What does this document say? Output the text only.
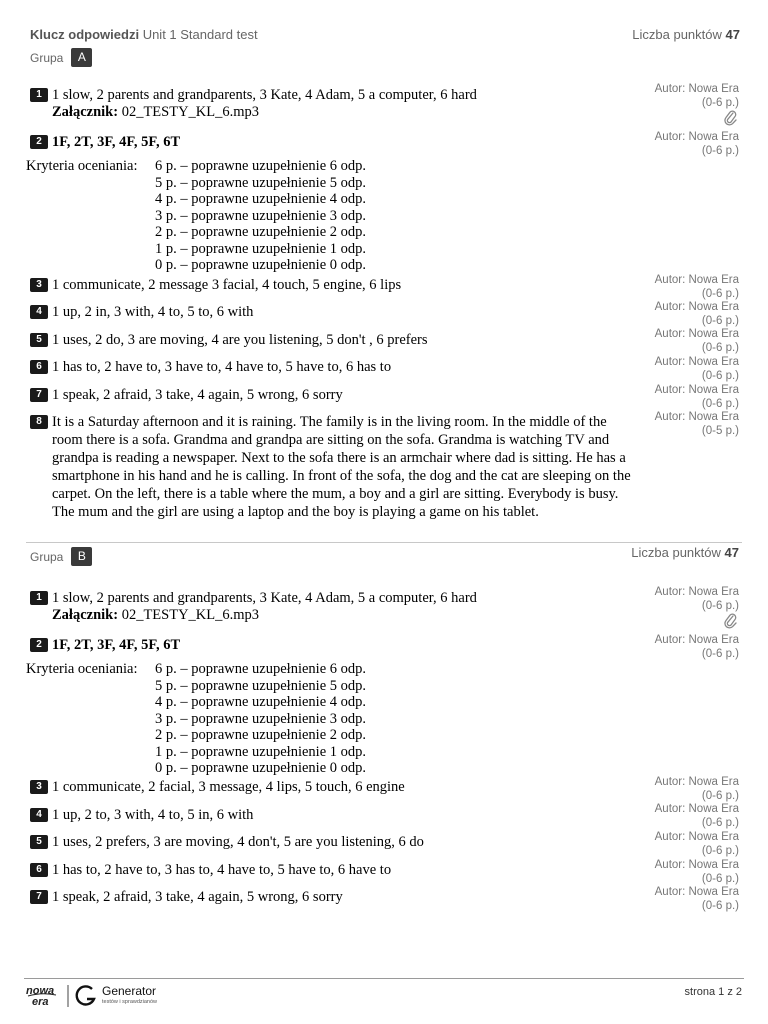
Klucz odpowiedzi Unit 1 Standard test	Liczba punktów 47
Grupa	A
1 1 slow, 2 parents and grandparents, 3 Kate, 4 Adam, 5 a computer, 6 hard
Załącznik: 02_TESTY_KL_6.mp3
Autor: Nowa Era
(0-6 p.)
2 1F, 2T, 3F, 4F, 5F, 6T	Autor: Nowa Era
(0-6 p.)
Kryteria oceniania: 6 p. – poprawne uzupełnienie 6 odp.
5 p. – poprawne uzupełnienie 5 odp.
4 p. – poprawne uzupełnienie 4 odp.
3 p. – poprawne uzupełnienie 3 odp.
2 p. – poprawne uzupełnienie 2 odp.
1 p. – poprawne uzupełnienie 1 odp.
0 p. – poprawne uzupełnienie 0 odp.
3 1 communicate, 2 message 3 facial, 4 touch, 5 engine, 6 lips	Autor: Nowa Era
(0-6 p.)
4 1 up, 2 in, 3 with, 4 to, 5 to, 6 with	Autor: Nowa Era
(0-6 p.)
5 1 uses, 2 do, 3 are moving, 4 are you listening, 5 don't , 6 prefers	Autor: Nowa Era
(0-6 p.)
6 1 has to, 2 have to, 3 have to, 4 have to, 5 have to, 6 has to	Autor: Nowa Era
(0-6 p.)
7 1 speak, 2 afraid, 3 take, 4 again, 5 wrong, 6 sorry	Autor: Nowa Era
(0-6 p.)
8 It is a Saturday afternoon and it is raining. The family is in the living room. In the middle of the room there is a sofa. Grandma and grandpa are sitting on the sofa. Grandma is watching TV and grandpa is reading a newspaper. Next to the sofa there is an armchair where dad is sitting. He has a smartphone in his hand and he is calling. In front of the sofa, the dog and the cat are sleeping on the carpet. On the left, there is a table where the mum, a boy and a girl are sitting. Everybody is busy. The mum and the girl are using a laptop and the boy is playing a game on his tablet.
Autor: Nowa Era
(0-5 p.)
Grupa	B	Liczba punktów 47
1 1 slow, 2 parents and grandparents, 3 Kate, 4 Adam, 5 a computer, 6 hard
Załącznik: 02_TESTY_KL_6.mp3
Autor: Nowa Era
(0-6 p.)
2 1F, 2T, 3F, 4F, 5F, 6T	Autor: Nowa Era
(0-6 p.)
Kryteria oceniania: 6 p. – poprawne uzupełnienie 6 odp.
5 p. – poprawne uzupełnienie 5 odp.
4 p. – poprawne uzupełnienie 4 odp.
3 p. – poprawne uzupełnienie 3 odp.
2 p. – poprawne uzupełnienie 2 odp.
1 p. – poprawne uzupełnienie 1 odp.
0 p. – poprawne uzupełnienie 0 odp.
3 1 communicate, 2 facial, 3 message, 4 lips, 5 touch, 6 engine	Autor: Nowa Era
(0-6 p.)
4 1 up, 2 to, 3 with, 4 to, 5 in, 6 with	Autor: Nowa Era
(0-6 p.)
5 1 uses, 2 prefers, 3 are moving, 4 don't, 5 are you listening, 6 do	Autor: Nowa Era
(0-6 p.)
6 1 has to, 2 have to, 3 has to, 4 have to, 5 have to, 6 have to	Autor: Nowa Era
(0-6 p.)
7 1 speak, 2 afraid, 3 take, 4 again, 5 wrong, 6 sorry	Autor: Nowa Era
(0-6 p.)
nowa
era
Generator
testów i sprawdzianów
strona 1 z 2
